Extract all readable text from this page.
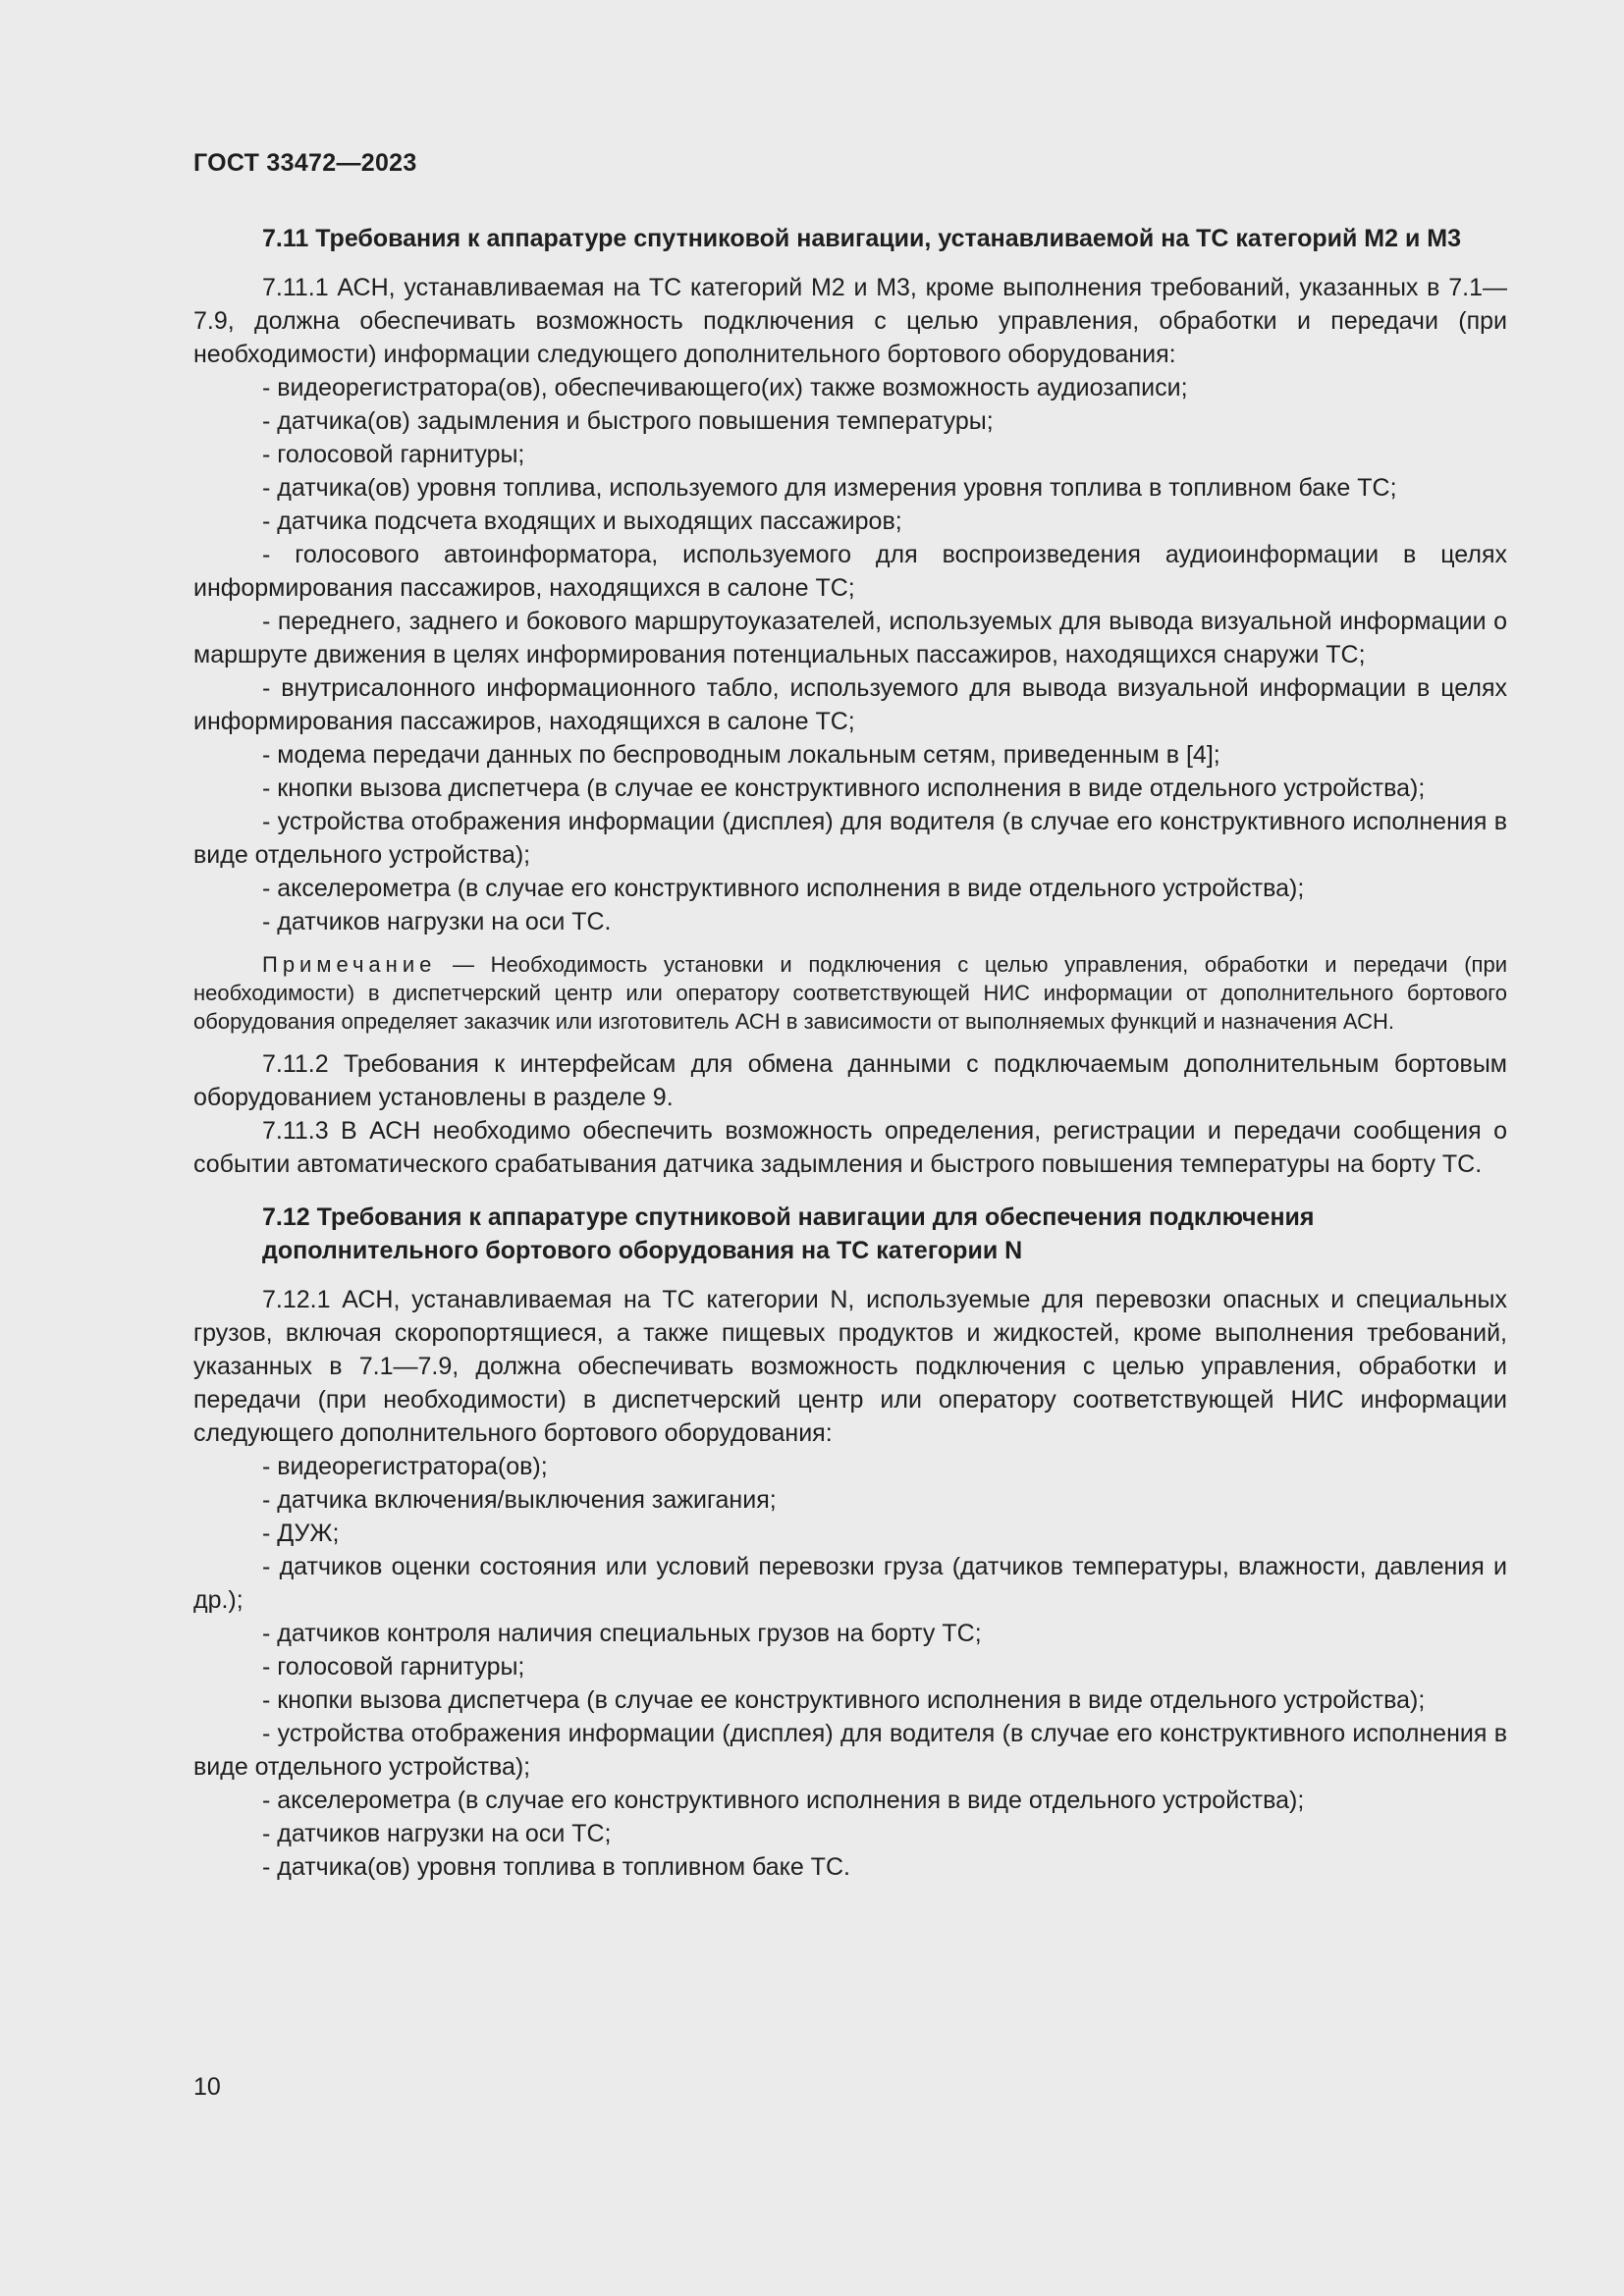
ГОСТ 33472—2023
7.11 Требования к аппаратуре спутниковой навигации, устанавливаемой на ТС категорий М2 и М3

7.11.1 АСН, устанавливаемая на ТС категорий М2 и М3, кроме выполнения требований, указанных в 7.1—7.9, должна обеспечивать возможность подключения с целью управления, обработки и передачи (при необходимости) информации следующего дополнительного бортового оборудования:

- видеорегистратора(ов), обеспечивающего(их) также возможность аудиозаписи;

- датчика(ов) задымления и быстрого повышения температуры;

- голосовой гарнитуры;

- датчика(ов) уровня топлива, используемого для измерения уровня топлива в топливном баке ТС;

- датчика подсчета входящих и выходящих пассажиров;

- голосового автоинформатора, используемого для воспроизведения аудиоинформации в целях информирования пассажиров, находящихся в салоне ТС;

- переднего, заднего и бокового маршрутоуказателей, используемых для вывода визуальной информации о маршруте движения в целях информирования потенциальных пассажиров, находящихся снаружи ТС;

- внутрисалонного информационного табло, используемого для вывода визуальной информации в целях информирования пассажиров, находящихся в салоне ТС;

- модема передачи данных по беспроводным локальным сетям, приведенным в [4];

- кнопки вызова диспетчера (в случае ее конструктивного исполнения в виде отдельного устройства);

- устройства отображения информации (дисплея) для водителя (в случае его конструктивного исполнения в виде отдельного устройства);

- акселерометра (в случае его конструктивного исполнения в виде отдельного устройства);

- датчиков нагрузки на оси ТС.

Примечание — Необходимость установки и подключения с целью управления, обработки и передачи (при необходимости) в диспетчерский центр или оператору соответствующей НИС информации от дополнительного бортового оборудования определяет заказчик или изготовитель АСН в зависимости от выполняемых функций и назначения АСН.

7.11.2 Требования к интерфейсам для обмена данными с подключаемым дополнительным бортовым оборудованием установлены в разделе 9.

7.11.3 В АСН необходимо обеспечить возможность определения, регистрации и передачи сообщения о событии автоматического срабатывания датчика задымления и быстрого повышения температуры на борту ТС.

7.12 Требования к аппаратуре спутниковой навигации для обеспечения подключения дополнительного бортового оборудования на ТС категории N

7.12.1 АСН, устанавливаемая на ТС категории N, используемые для перевозки опасных и специальных грузов, включая скоропортящиеся, а также пищевых продуктов и жидкостей, кроме выполнения требований, указанных в 7.1—7.9, должна обеспечивать возможность подключения с целью управления, обработки и передачи (при необходимости) в диспетчерский центр или оператору соответствующей НИС информации следующего дополнительного бортового оборудования:

- видеорегистратора(ов);

- датчика включения/выключения зажигания;

- ДУЖ;

- датчиков оценки состояния или условий перевозки груза (датчиков температуры, влажности, давления и др.);

- датчиков контроля наличия специальных грузов на борту ТС;

- голосовой гарнитуры;

- кнопки вызова диспетчера (в случае ее конструктивного исполнения в виде отдельного устройства);

- устройства отображения информации (дисплея) для водителя (в случае его конструктивного исполнения в виде отдельного устройства);

- акселерометра (в случае его конструктивного исполнения в виде отдельного устройства);

- датчиков нагрузки на оси ТС;

- датчика(ов) уровня топлива в топливном баке ТС.

10
